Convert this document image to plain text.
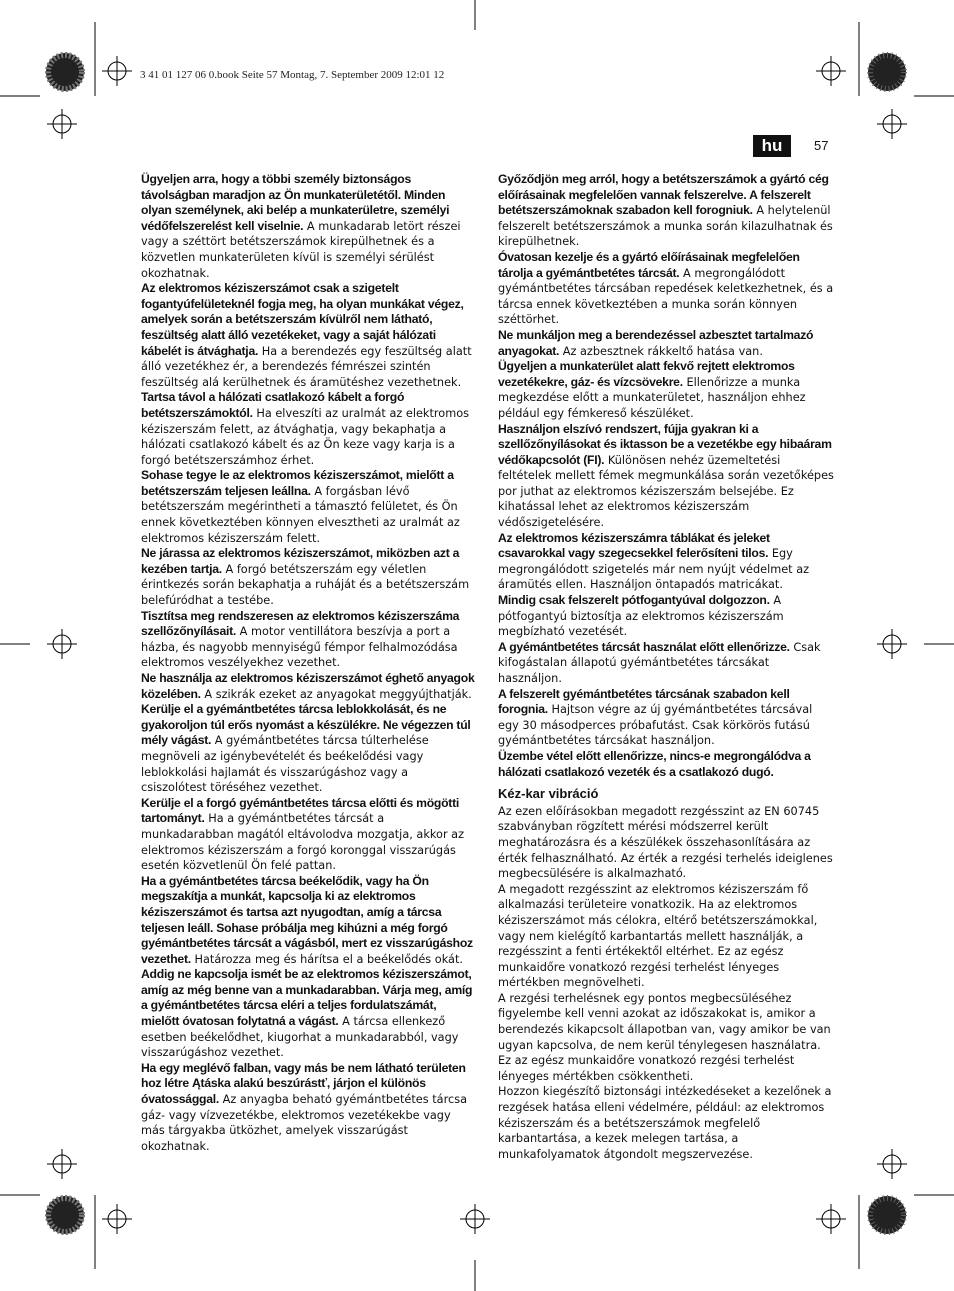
3 41 01 127 06 0.book Seite 57 Montag, 7. September 2009 12:01 12
hu	57

Ügyeljen arra, hogy a többi személy biztonságos távolságban maradjon az Ön munkaterületétől. Minden olyan személynek, aki belép a munkaterületre, személyi védőfelszerelést kell viselnie. A munkadarab letört részei vagy a széttört betétszerszámok kirepülhetnek és a közvetlen munkaterületen kívül is személyi sérülést okozhatnak.

Az elektromos kéziszerszámot csak a szigetelt fogantyúfelületeknél fogja meg, ha olyan munkákat végez, amelyek során a betétszerszám kívülről nem látható, feszültség alatt álló vezetékeket, vagy a saját hálózati kábelét is átvághatja. Ha a berendezés egy feszültség alatt álló vezetékhez ér, a berendezés fémrészei szintén feszültség alá kerülhetnek és áramütéshez vezethetnek.

Tartsa távol a hálózati csatlakozó kábelt a forgó betétszerszámoktól. Ha elveszíti az uralmát az elektromos kéziszerszám felett, az átvághatja, vagy bekaphatja a hálózati csatlakozó kábelt és az Ön keze vagy karja is a forgó betétszerszámhoz érhet.

Sohase tegye le az elektromos kéziszerszámot, mielőtt a betétszerszám teljesen leállna. A forgásban lévő betétszerszám megérintheti a támasztó felületet, és Ön ennek következtében könnyen elvesztheti az uralmát az elektromos kéziszerszám felett.

Ne járassa az elektromos kéziszerszámot, miközben azt a kezében tartja. A forgó betétszerszám egy véletlen érintkezés során bekaphatja a ruháját és a betétszerszám belefúródhat a testébe.

Tisztítsa meg rendszeresen az elektromos kéziszerszáma szellőzőnyílásait. A motor ventillátora beszívja a port a házba, és nagyobb mennyiségű fémpor felhalmozódása elektromos veszélyekhez vezethet.

Ne használja az elektromos kéziszerszámot éghető anyagok közelében. A szikrák ezeket az anyagokat meggyújthatják.

Kerülje el a gyémántbetétes tárcsa leblokkolását, és ne gyakoroljon túl erős nyomást a készülékre. Ne végezzen túl mély vágást. A gyémántbetétes tárcsa túlterhelése megnöveli az igénybevételét és beékelődési vagy leblokkolási hajlamát és visszarúgáshoz vagy a csiszolótest töréséhez vezethet.

Kerülje el a forgó gyémántbetétes tárcsa előtti és mögötti tartományt. Ha a gyémántbetétes tárcsát a munkadarabban magától eltávolodva mozgatja, akkor az elektromos kéziszerszám a forgó koronggal visszarúgás esetén közvetlenül Ön felé pattan.

Ha a gyémántbetétes tárcsa beékelődik, vagy ha Ön megszakítja a munkát, kapcsolja ki az elektromos kéziszerszámot és tartsa azt nyugodtan, amíg a tárcsa teljesen leáll. Sohase próbálja meg kihúzni a még forgó gyémántbetétes tárcsát a vágásból, mert ez visszarúgáshoz vezethet. Határozza meg és hárítsa el a beékelődés okát.

Addig ne kapcsolja ismét be az elektromos kéziszerszámot, amíg az még benne van a munkadarabban. Várja meg, amíg a gyémántbetétes tárcsa eléri a teljes fordulatszámát, mielőtt óvatosan folytatná a vágást. A tárcsa ellenkező esetben beékelődhet, kiugorhat a munkadarabból, vagy visszarúgáshoz vezethet.

Ha egy meglévő falban, vagy más be nem látható területen hoz létre Ątáska alakú beszúrástť, járjon el különös óvatossággal. Az anyagba beható gyémántbetétes tárcsa gáz- vagy vízvezetékbe, elektromos vezetékekbe vagy más tárgyakba ütközhet, amelyek visszarúgást okozhatnak.

Győződjön meg arról, hogy a betétszerszámok a gyártó cég előírásainak megfelelően vannak felszerelve. A felszerelt betétszerszámoknak szabadon kell forogniuk. A helytelenül felszerelt betétszerszámok a munka során kilazulhatnak és kirepülhetnek.

Óvatosan kezelje és a gyártó előírásainak megfelelően tárolja a gyémántbetétes tárcsát. A megrongálódott gyémántbetétes tárcsában repedések keletkezhetnek, és a tárcsa ennek következtében a munka során könnyen széttörhet.

Ne munkáljon meg a berendezéssel azbesztet tartalmazó anyagokat. Az azbesztnek rákkeltő hatása van.

Ügyeljen a munkaterület alatt fekvő rejtett elektromos vezetékekre, gáz- és vízcsövekre. Ellenőrizze a munka megkezdése előtt a munkaterületet, használjon ehhez például egy fémkereső készüléket.

Használjon elszívó rendszert, fújja gyakran ki a szellőzőnyílásokat és iktasson be a vezetékbe egy hibaáram védőkapcsolót (FI). Különösen nehéz üzemeltetési feltételek mellett fémek megmunkálása során vezetőképes por juthat az elektromos kéziszerszám belsejébe. Ez kihatással lehet az elektromos kéziszerszám védőszigetelésére.

Az elektromos kéziszerszámra táblákat és jeleket csavarokkal vagy szegecsekkel felerősíteni tilos. Egy megrongálódott szigetelés már nem nyújt védelmet az áramütés ellen. Használjon öntapadós matricákat.

Mindig csak felszerelt pótfogantyúval dolgozzon. A pótfogantyú biztosítja az elektromos kéziszerszám megbízható vezetését.

A gyémántbetétes tárcsát használat előtt ellenőrizze. Csak kifogástalan állapotú gyémántbetétes tárcsákat használjon.

A felszerelt gyémántbetétes tárcsának szabadon kell forognia. Hajtson végre az új gyémántbetétes tárcsával egy 30 másodperces próbafutást. Csak körkörös futású gyémántbetétes tárcsákat használjon.

Üzembe vétel előtt ellenőrizze, nincs-e megrongálódva a hálózati csatlakozó vezeték és a csatlakozó dugó.

Kéz-kar vibráció

Az ezen előírásokban megadott rezgésszint az EN 60745 szabványban rögzített mérési módszerrel került meghatározásra és a készülékek összehasonlítására az érték felhasználható. Az érték a rezgési terhelés ideiglenes megbecsülésére is alkalmazható.

A megadott rezgésszint az elektromos kéziszerszám fő alkalmazási területeire vonatkozik. Ha az elektromos kéziszerszámot más célokra, eltérő betétszerszámokkal, vagy nem kielégítő karbantartás mellett használják, a rezgésszint a fenti értékektől eltérhet. Ez az egész munkaidőre vonatkozó rezgési terhelést lényeges mértékben megnövelheti.

A rezgési terhelésnek egy pontos megbecsüléséhez figyelembe kell venni azokat az időszakokat is, amikor a berendezés kikapcsolt állapotban van, vagy amikor be van ugyan kapcsolva, de nem kerül ténylegesen használatra. Ez az egész munkaidőre vonatkozó rezgési terhelést lényeges mértékben csökkentheti.

Hozzon kiegészítő biztonsági intézkedéseket a kezelőnek a rezgések hatása elleni védelmére, például: az elektromos kéziszerszám és a betétszerszámok megfelelő karbantartása, a kezek melegen tartása, a munkafolyamatok átgondolt megszervezése.
